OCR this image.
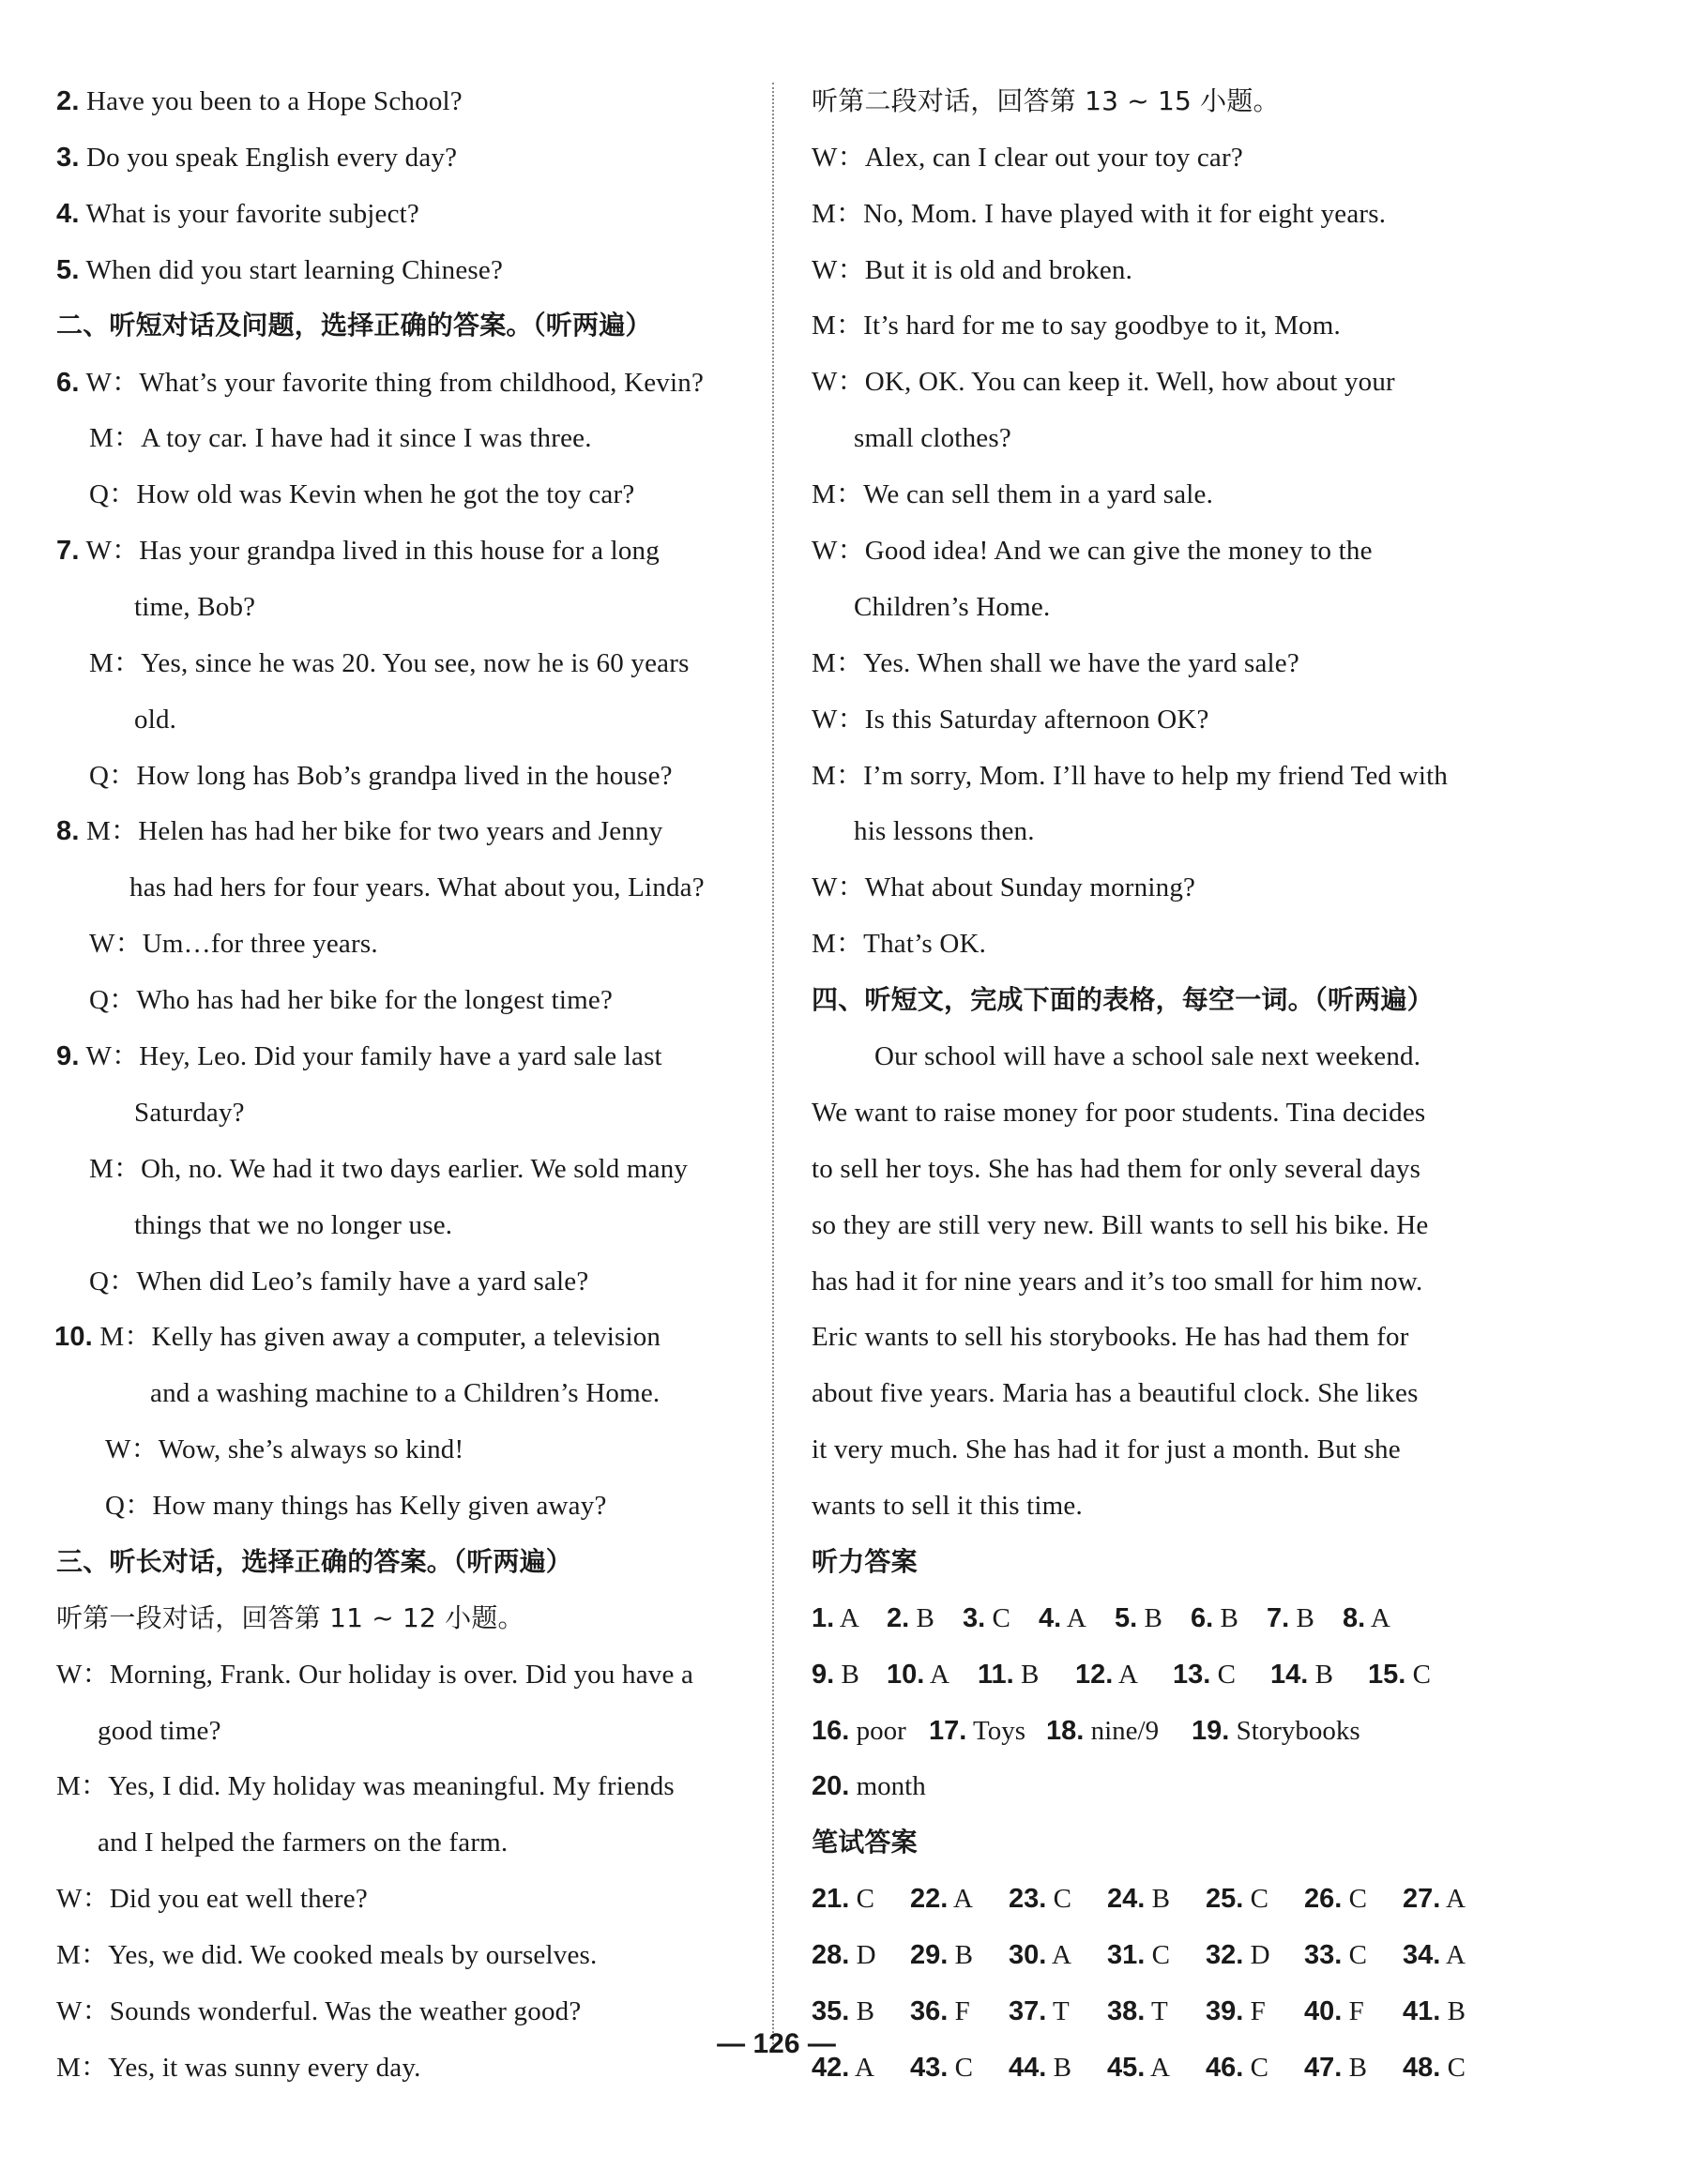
2. Have you been to a Hope School?
3. Do you speak English every day?
4. What is your favorite subject?
5. When did you start learning Chinese?
二、听短对话及问题，选择正确的答案。（听两遍）
6. W：What’s your favorite thing from childhood, Kevin?
M：A toy car. I have had it since I was three.
Q：How old was Kevin when he got the toy car?
7. W：Has your grandpa lived in this house for a long
time, Bob?
M：Yes, since he was 20. You see, now he is 60 years
old.
Q：How long has Bob’s grandpa lived in the house?
8. M：Helen has had her bike for two years and Jenny
has had hers for four years. What about you, Linda?
W：Um…for three years.
Q：Who has had her bike for the longest time?
9. W：Hey, Leo. Did your family have a yard sale last
Saturday?
M：Oh, no. We had it two days earlier. We sold many
things that we no longer use.
Q：When did Leo’s family have a yard sale?
10. M：Kelly has given away a computer, a television
and a washing machine to a Children’s Home.
W：Wow, she’s always so kind!
Q：How many things has Kelly given away?
三、听长对话，选择正确的答案。（听两遍）
听第一段对话，回答第 11 ~ 12 小题。
W：Morning, Frank. Our holiday is over. Did you have a
good time?
M：Yes, I did. My holiday was meaningful. My friends
and I helped the farmers on the farm.
W：Did you eat well there?
M：Yes, we did. We cooked meals by ourselves.
W：Sounds wonderful. Was the weather good?
M：Yes, it was sunny every day.
听第二段对话，回答第 13 ~ 15 小题。
W：Alex, can I clear out your toy car?
M：No, Mom. I have played with it for eight years.
W：But it is old and broken.
M：It’s hard for me to say goodbye to it, Mom.
W：OK, OK. You can keep it. Well, how about your
small clothes?
M：We can sell them in a yard sale.
W：Good idea! And we can give the money to the
Children’s Home.
M：Yes. When shall we have the yard sale?
W：Is this Saturday afternoon OK?
M：I’m sorry, Mom. I’ll have to help my friend Ted with
his lessons then.
W：What about Sunday morning?
M：That’s OK.
四、听短文，完成下面的表格，每空一词。（听两遍）
Our school will have a school sale next weekend.
We want to raise money for poor students. Tina decides
to sell her toys. She has had them for only several days
so they are still very new. Bill wants to sell his bike. He
has had it for nine years and it’s too small for him now.
Eric wants to sell his storybooks. He has had them for
about five years. Maria has a beautiful clock. She likes
it very much. She has had it for just a month. But she
wants to sell it this time.
听力答案
1. A 2. B 3. C 4. A 5. B 6. B 7. B 8. A
9. B 10. A 11. B 12. A 13. C 14. B 15. C
16. poor 17. Toys 18. nine/9 19. Storybooks
20. month
笔试答案
21. C 22. A 23. C 24. B 25. C 26. C 27. A
28. D 29. B 30. A 31. C 32. D 33. C 34. A
35. B 36. F 37. T 38. T 39. F 40. F 41. B
42. A 43. C 44. B 45. A 46. C 47. B 48. C
— 126 —
